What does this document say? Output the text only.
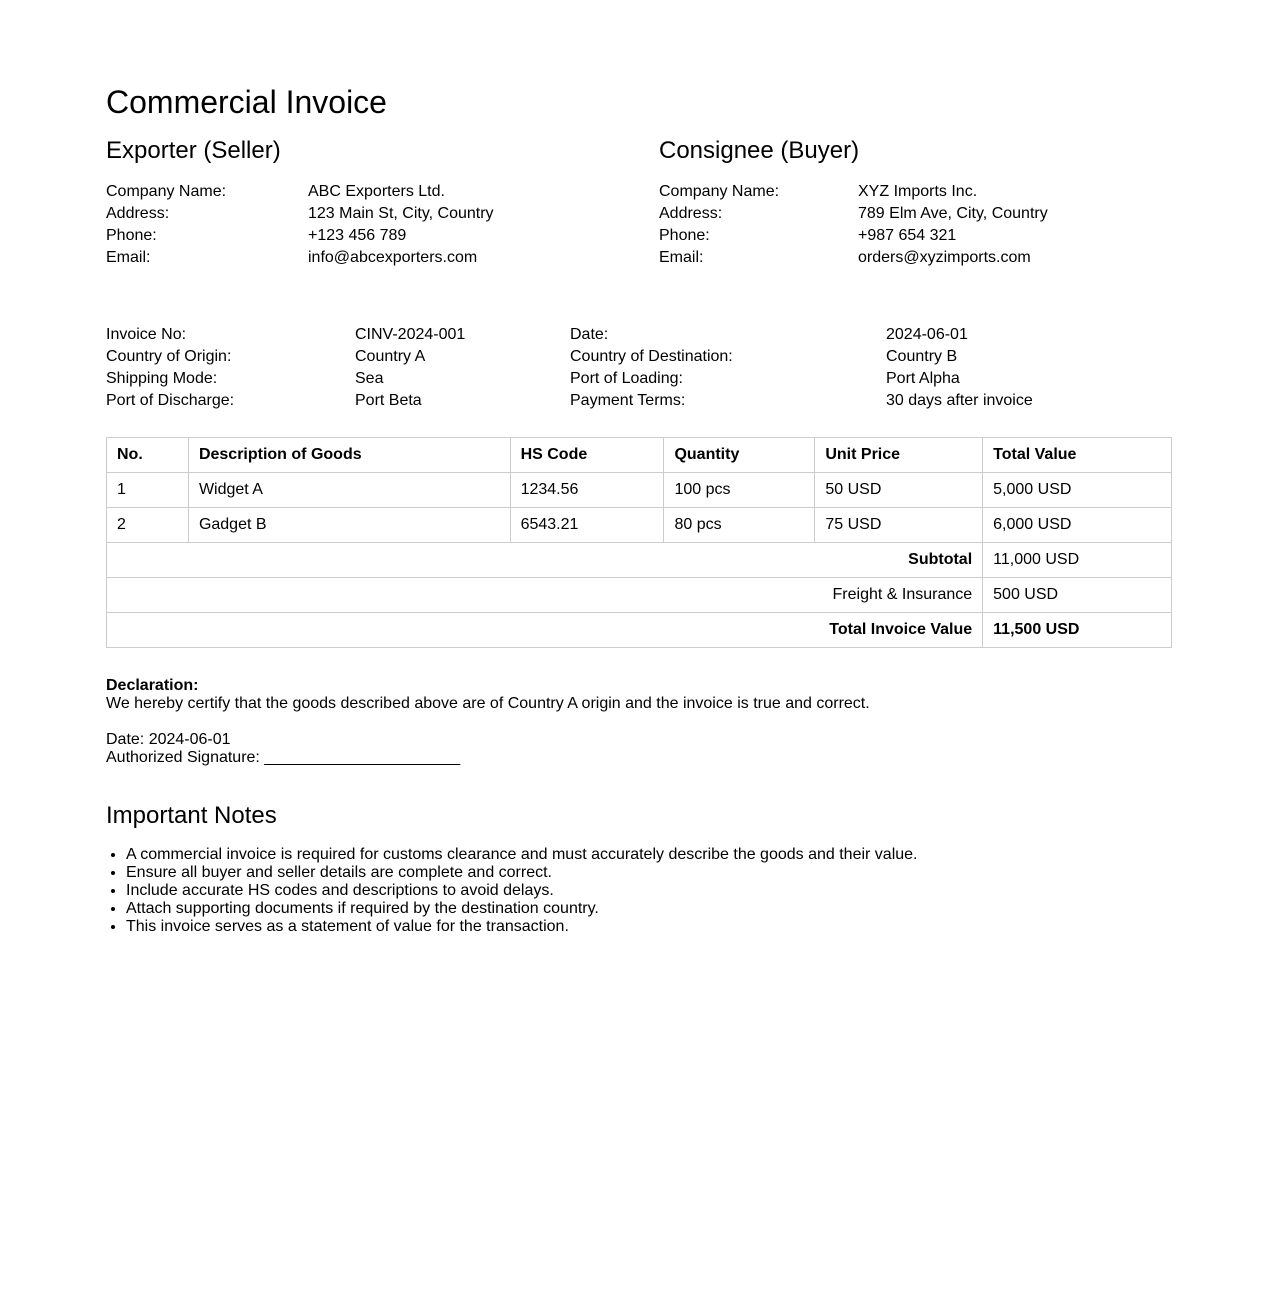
Commercial Invoice
Exporter (Seller)
Company Name:	ABC Exporters Ltd.
Address:	123 Main St, City, Country
Phone:	+123 456 789
Email:	info@abcexporters.com
Consignee (Buyer)
Company Name:	XYZ Imports Inc.
Address:	789 Elm Ave, City, Country
Phone:	+987 654 321
Email:	orders@xyzimports.com
Invoice No:	CINV-2024-001	Date:	2024-06-01
Country of Origin:	Country A	Country of Destination:	Country B
Shipping Mode:	Sea	Port of Loading:	Port Alpha
Port of Discharge:	Port Beta	Payment Terms:	30 days after invoice
No.	Description of Goods	HS Code	Quantity	Unit Price	Total Value
1	Widget A	1234.56	100 pcs	50 USD	5,000 USD
2	Gadget B	6543.21	80 pcs	75 USD	6,000 USD
Subtotal					11,000 USD
Freight & Insurance					500 USD
Total Invoice Value					11,500 USD

Declaration:

We hereby certify that the goods described above are of Country A origin and the invoice is true and correct.

Date: 2024-06-01

Authorized Signature: ______________________

Important Notes
• A commercial invoice is required for customs clearance and must accurately describe the goods and their value.
• Ensure all buyer and seller details are complete and correct.
• Include accurate HS codes and descriptions to avoid delays.
• Attach supporting documents if required by the destination country.
• This invoice serves as a statement of value for the transaction.
